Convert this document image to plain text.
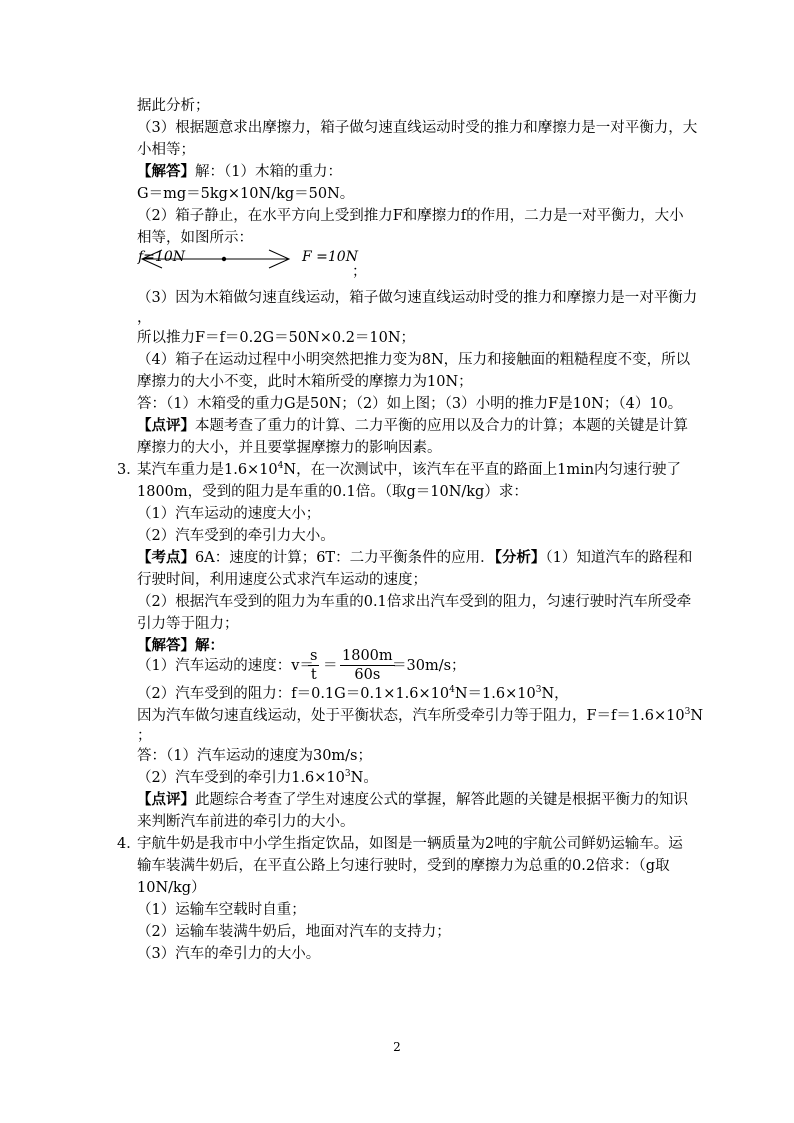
据此分析；
（3）根据题意求出摩擦力，箱子做匀速直线运动时受的推力和摩擦力是一对平衡力，大
小相等；
【解答】解：（1）木箱的重力：
G＝mg＝5kg×10N/kg＝50N。
（2）箱子静止，在水平方向上受到推力F和摩擦力f的作用，二力是一对平衡力，大小
相等，如图所示：
f=10N	F =10N
；
（3）因为木箱做匀速直线运动，箱子做匀速直线运动时受的推力和摩擦力是一对平衡力
，
所以推力F＝f＝0.2G＝50N×0.2＝10N；
（4）箱子在运动过程中小明突然把推力变为8N，压力和接触面的粗糙程度不变，所以
摩擦力的大小不变，此时木箱所受的摩擦力为10N；
答：（1）木箱受的重力G是50N；（2）如上图；（3）小明的推力F是10N；（4）10。
【点评】本题考查了重力的计算、二力平衡的应用以及合力的计算；本题的关键是计算
摩擦力的大小，并且要掌握摩擦力的影响因素。
3．
某汽车重力是$1.6\times 10^4N$，在一次测试中，该汽车在平直的路面上1min内匀速行驶了
1800m，受到的阻力是车重的0.1倍。（取g＝10N/kg）求：
（1）汽车运动的速度大小；
（2）汽车受到的牵引力大小。
【考点】6A：速度的计算；6T：二力平衡条件的应用．【分析】（1）知道汽车的路程和
行驶时间，利用速度公式求汽车运动的速度；
（2）根据汽车受到的阻力为车重的0.1倍求出汽车受到的阻力，匀速行驶时汽车所受牵
引力等于阻力；
【解答】解：
（1）汽车运动的速度：v＝
$\frac{s}{t} = \frac{1800m}{60s}$
＝30m/s；
（2）汽车受到的阻力：$f=0.1G=0.1\times 1.6\times 10^4N=1.6\times 10^3N$，
因为汽车做匀速直线运动，处于平衡状态，汽车所受牵引力等于阻力，$F=f=1.6\times 10^3N$
；
答：（1）汽车运动的速度为30m/s；
（2）汽车受到的牵引力$1.6\times 10^3N$。
【点评】此题综合考查了学生对速度公式的掌握，解答此题的关键是根据平衡力的知识
来判断汽车前进的牵引力的大小。
4．
宇航牛奶是我市中小学生指定饮品，如图是一辆质量为2吨的宇航公司鲜奶运输车。运
输车装满牛奶后，在平直公路上匀速行驶时，受到的摩擦力为总重的0.2倍求：（g取
10N/kg）
（1）运输车空载时自重；
（2）运输车装满牛奶后，地面对汽车的支持力；
（3）汽车的牵引力的大小。
2
